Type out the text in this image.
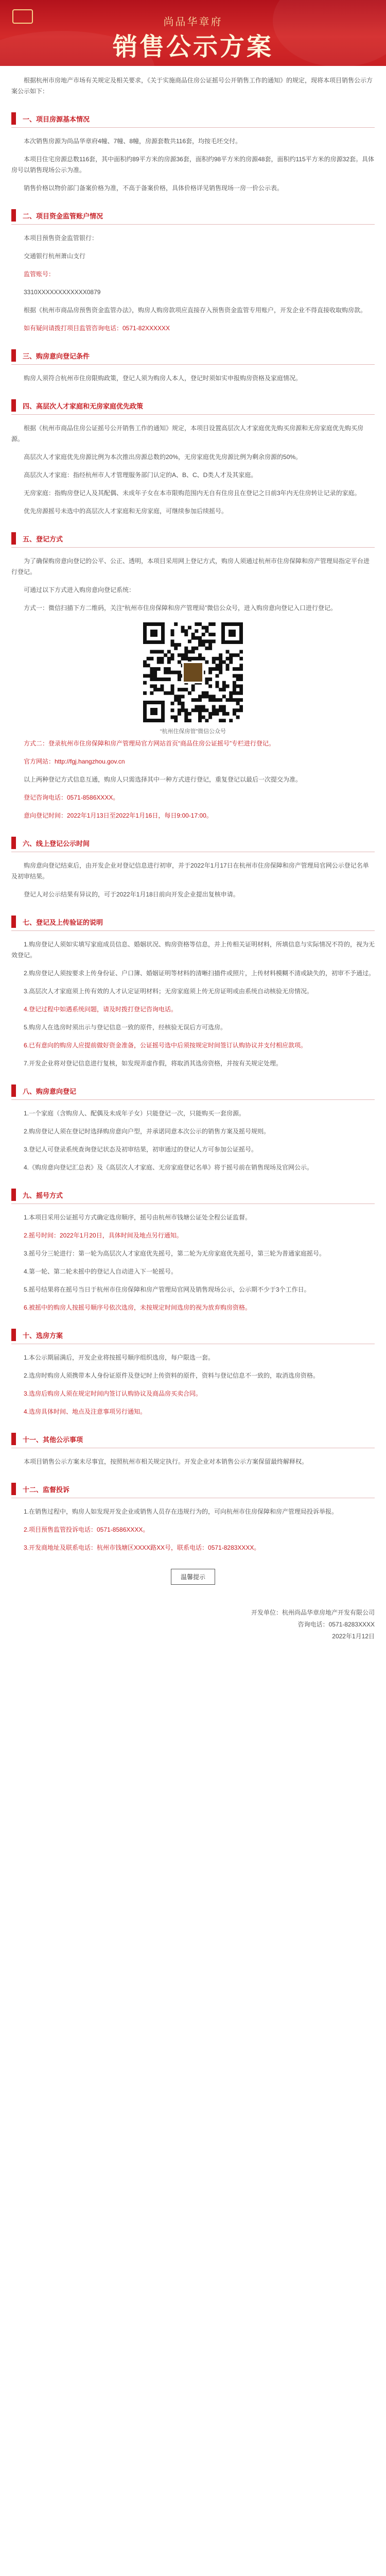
尚品华章府
销售公示方案

根据杭州市房地产市场有关规定及相关要求，《关于实施商品住房公证摇号公开销售工作的通知》的规定，现将本项目销售公示方案公示如下：

一、项目房源基本情况

本次销售房源为尚品华章府4幢、7幢、8幢，房源套数共116套，均按毛坯交付。

本项目住宅房源总数116套，其中面积约89平方米的房源36套，面积约98平方米的房源48套，面积约115平方米的房源32套。具体房号以销售现场公示为准。

销售价格以物价部门备案价格为准，不高于备案价格，具体价格详见销售现场一房一价公示表。

二、项目资金监管账户情况

本项目预售资金监管银行：

交通银行杭州萧山支行

监管账号：

3310XXXXXXXXXXXX0879

根据《杭州市商品房预售资金监管办法》，购房人购房款项应直接存入预售资金监管专用账户，开发企业不得直接收取购房款。

如有疑问请拨打项目监管咨询电话：0571-82XXXXXX

三、购房意向登记条件

购房人须符合杭州市住房限购政策，登记人须为购房人本人，登记时须如实申报购房资格及家庭情况。

四、高层次人才家庭和无房家庭优先政策

根据《杭州市商品住房公证摇号公开销售工作的通知》规定，本项目设置高层次人才家庭优先购买房源和无房家庭优先购买房源。

高层次人才家庭优先房源比例为本次推出房源总数的20%，无房家庭优先房源比例为剩余房源的50%。

高层次人才家庭：指经杭州市人才管理服务部门认定的A、B、C、D类人才及其家庭。

无房家庭：指购房登记人及其配偶、未成年子女在本市限购范围内无自有住房且在登记之日前3年内无住房转让记录的家庭。

优先房源摇号未选中的高层次人才家庭和无房家庭，可继续参加后续摇号。

五、登记方式

为了确保购房意向登记的公平、公正、透明，本项目采用网上登记方式，购房人须通过杭州市住房保障和房产管理局指定平台进行登记。

可通过以下方式进入购房意向登记系统：

方式一：微信扫描下方二维码，关注“杭州市住房保障和房产管理局”微信公众号，进入购房意向登记入口进行登记。

“杭州住保房管”微信公众号

方式二：登录杭州市住房保障和房产管理局官方网站首页“商品住房公证摇号”专栏进行登记。

官方网站：http://fgj.hangzhou.gov.cn

以上两种登记方式信息互通，购房人只需选择其中一种方式进行登记，重复登记以最后一次提交为准。

登记咨询电话：0571-8586XXXX。

意向登记时间：2022年1月13日至2022年1月16日，每日9:00-17:00。

六、线上登记公示时间

购房意向登记结束后，由开发企业对登记信息进行初审，并于2022年1月17日在杭州市住房保障和房产管理局官网公示登记名单及初审结果。

登记人对公示结果有异议的，可于2022年1月18日前向开发企业提出复核申请。

七、登记及上传验证的说明

1.购房登记人须如实填写家庭成员信息、婚姻状况、购房资格等信息，并上传相关证明材料，所填信息与实际情况不符的，视为无效登记。

2.购房登记人须按要求上传身份证、户口簿、婚姻证明等材料的清晰扫描件或照片，上传材料模糊不清或缺失的，初审不予通过。

3.高层次人才家庭须上传有效的人才认定证明材料；无房家庭须上传无房证明或由系统自动核验无房情况。

4.登记过程中如遇系统问题，请及时拨打登记咨询电话。

5.购房人在选房时须出示与登记信息一致的原件，经核验无误后方可选房。

6.已有意向的购房人应提前做好资金准备，公证摇号选中后须按规定时间签订认购协议并支付相应款项。

7.开发企业将对登记信息进行复核，如发现弄虚作假，将取消其选房资格，并按有关规定处理。

八、购房意向登记

1.一个家庭（含购房人、配偶及未成年子女）只能登记一次，只能购买一套房源。

2.购房登记人须在登记时选择购房意向户型，并承诺同意本次公示的销售方案及摇号规则。

3.登记人可登录系统查询登记状态及初审结果，初审通过的登记人方可参加公证摇号。

4.《购房意向登记汇总表》及《高层次人才家庭、无房家庭登记名单》将于摇号前在销售现场及官网公示。

九、摇号方式

1.本项目采用公证摇号方式确定选房顺序，摇号由杭州市钱塘公证处全程公证监督。

2.摇号时间：2022年1月20日，具体时间及地点另行通知。

3.摇号分三轮进行：第一轮为高层次人才家庭优先摇号，第二轮为无房家庭优先摇号，第三轮为普通家庭摇号。

4.第一轮、第二轮未摇中的登记人自动进入下一轮摇号。

5.摇号结果将在摇号当日于杭州市住房保障和房产管理局官网及销售现场公示，公示期不少于3个工作日。

6.被摇中的购房人按摇号顺序号依次选房，未按规定时间选房的视为放弃购房资格。

十、选房方案

1.本公示期届满后，开发企业将按摇号顺序组织选房，每户限选一套。

2.选房时购房人须携带本人身份证原件及登记时上传资料的原件，资料与登记信息不一致的，取消选房资格。

3.选房后购房人须在规定时间内签订认购协议及商品房买卖合同。

4.选房具体时间、地点及注意事项另行通知。

十一、其他公示事项

本项目销售公示方案未尽事宜，按照杭州市相关规定执行。开发企业对本销售公示方案保留最终解释权。

十二、监督投诉

1.在销售过程中，购房人如发现开发企业或销售人员存在违规行为的，可向杭州市住房保障和房产管理局投诉举报。

2.项目预售监管投诉电话：0571-8586XXXX。

3.开发商地址及联系电话：杭州市钱塘区XXXX路XX号，联系电话：0571-8283XXXX。

温馨提示

开发单位：杭州尚品华章房地产开发有限公司

咨询电话：0571-8283XXXX

2022年1月12日
